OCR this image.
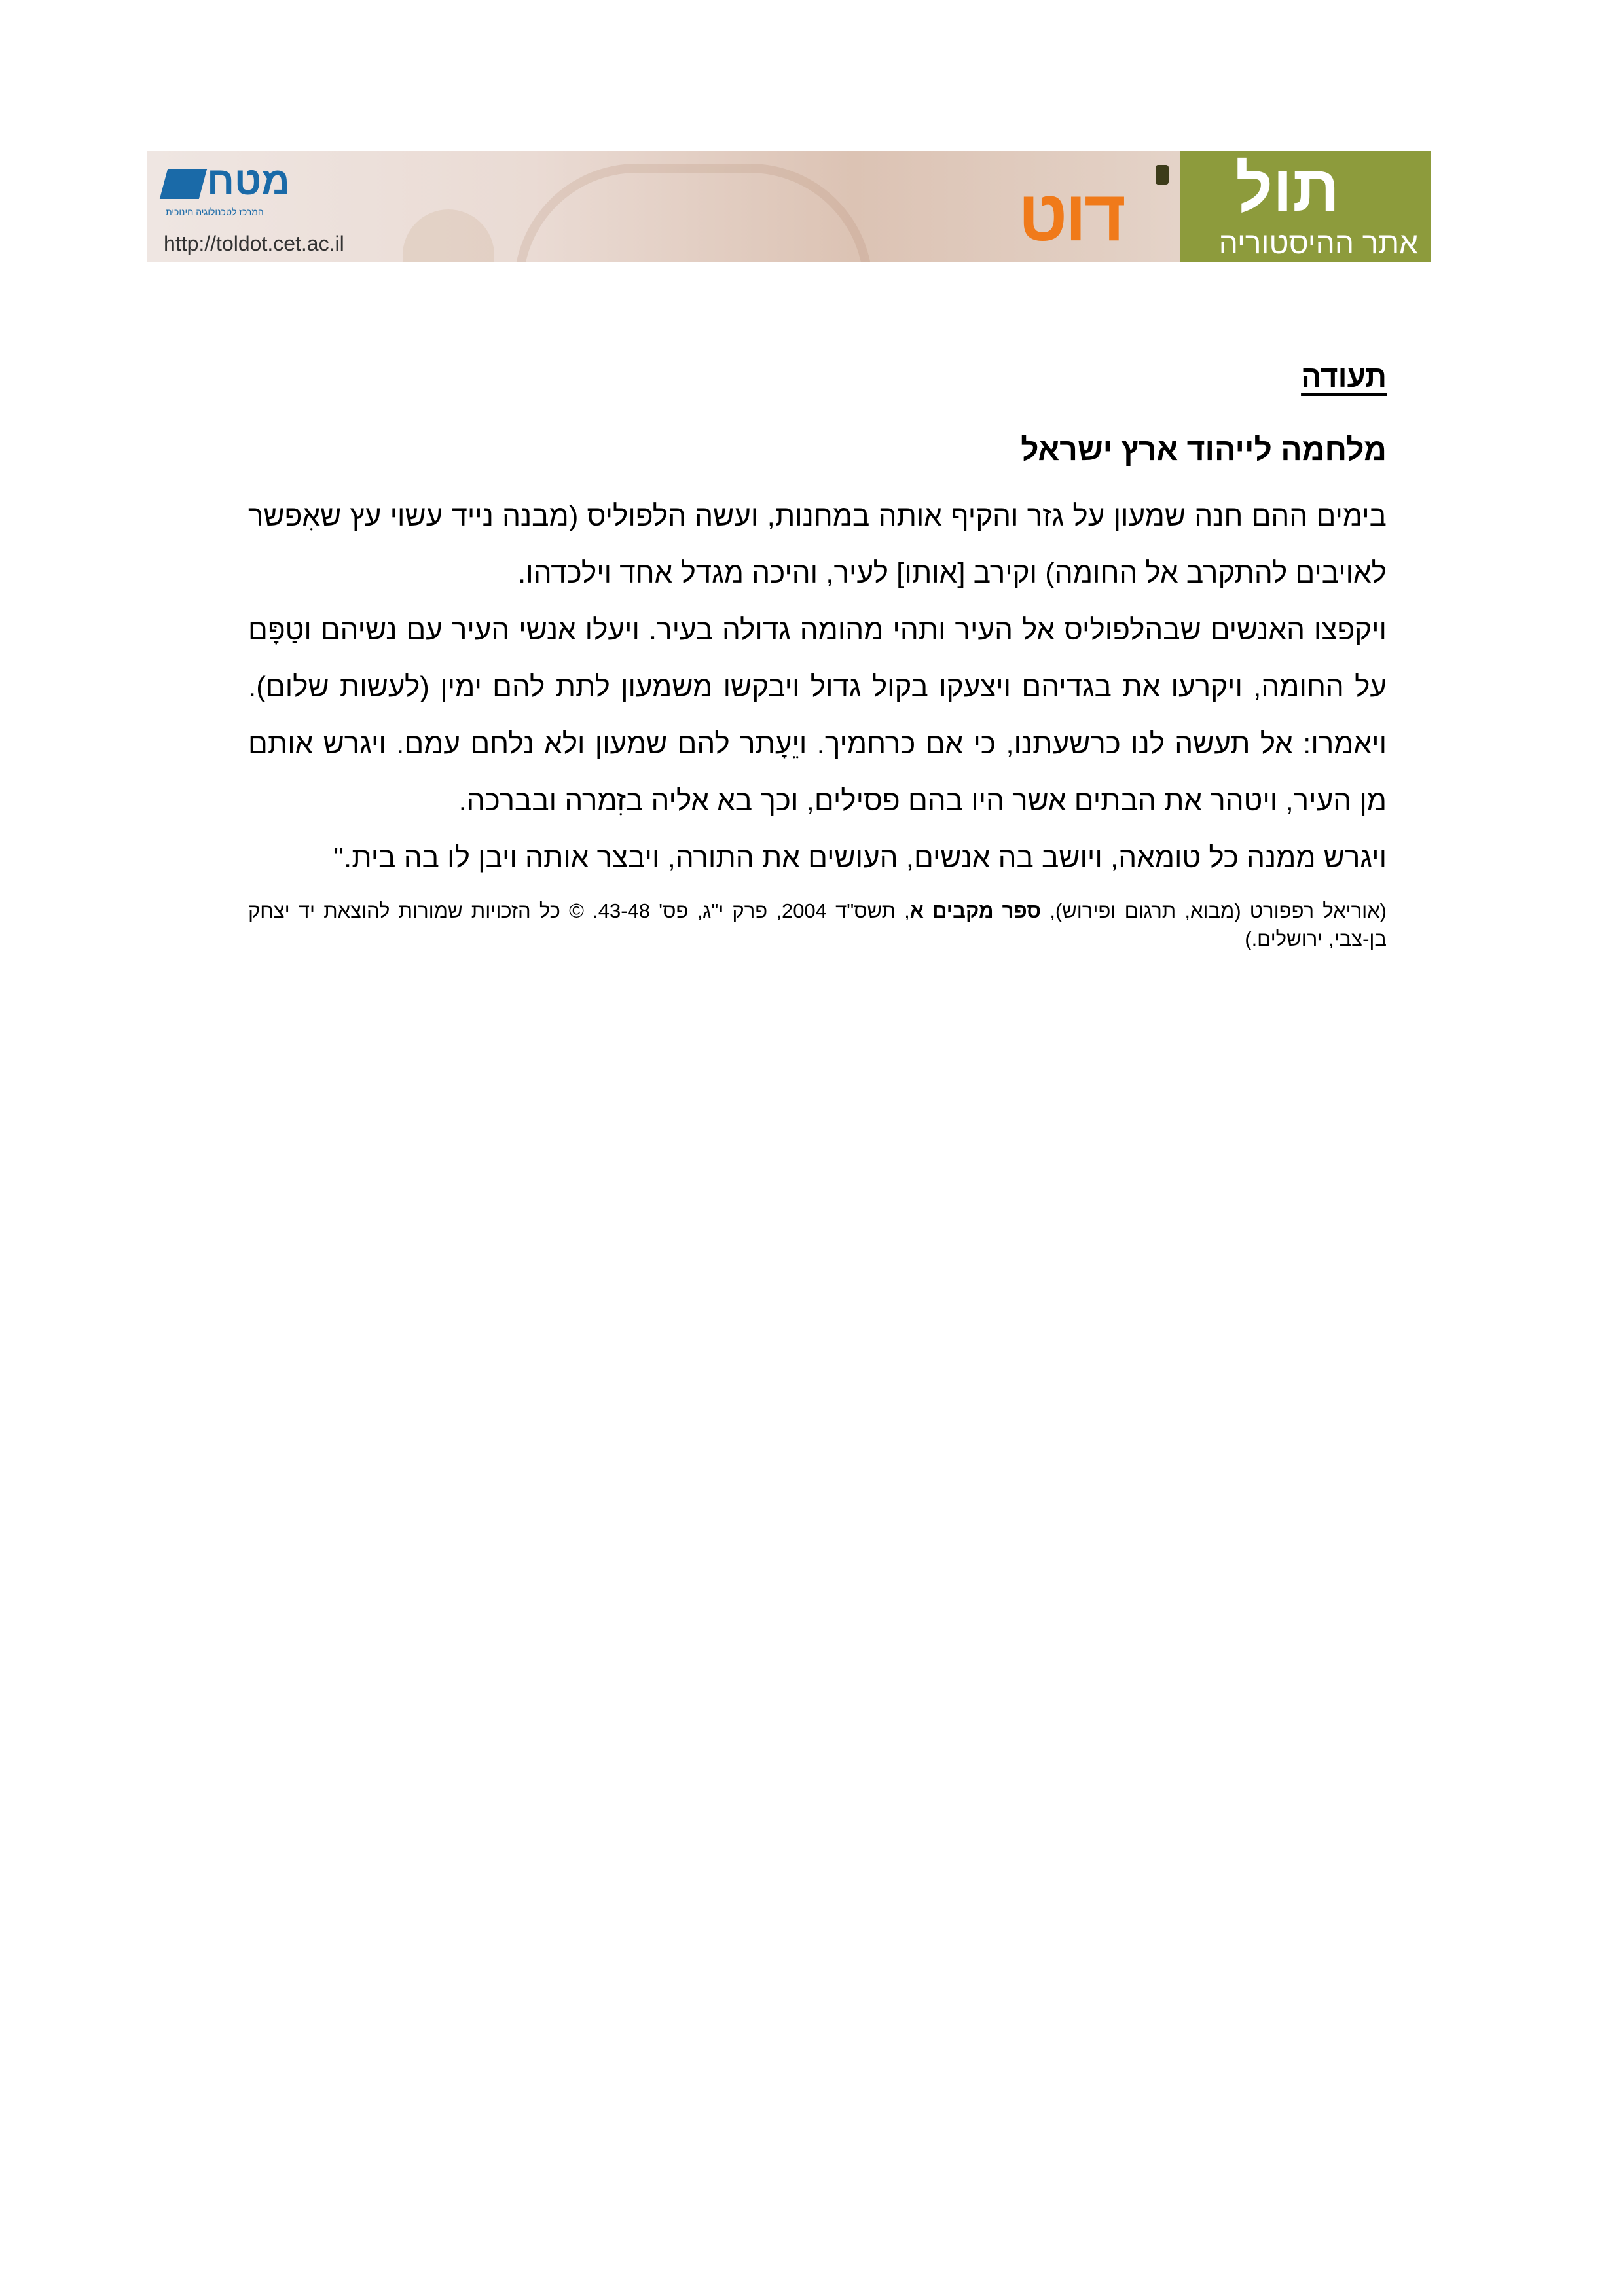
מטח
המרכז לטכנולוגיה חינוכית
http://toldot.cet.ac.il	דוט תול
אתר ההיסטוריה
תעודה
מלחמה לייהוד ארץ ישראל

בימים ההם חנה שמעון על גזר והקיף אותה במחנות, ועשה הלפוליס (מבנה נייד עשוי עץ שאִפשר לאויבים להתקרב אל החומה) וקירב [אותו] לעיר, והיכה מגדל אחד וילכדהו.

ויקפצו האנשים שבהלפוליס אל העיר ותהי מהומה גדולה בעיר. ויעלו אנשי העיר עם נשיהם וטַפָּם על החומה, ויקרעו את בגדיהם ויצעקו בקול גדול ויבקשו משמעון לתת להם ימין (לעשות שלום). ויאמרו: אל תעשה לנו כרשעתנו, כי אם כרחמיך. ויֵעָתר להם שמעון ולא נלחם עמם. ויגרש אותם מן העיר, ויטהר את הבתים אשר היו בהם פסילים, וכך בא אליה בזִמרה ובברכה.

ויגרש ממנה כל טומאה, ויושב בה אנשים, העושים את התורה, ויבצר אותה ויבן לו בה בית."

(אוריאל רפפורט (מבוא, תרגום ופירוש), ספר מקבים א, תשס"ד 2004, פרק י"ג, פס' 43-48. © כל הזכויות שמורות להוצאת יד יצחק בן-צבי, ירושלים.)
